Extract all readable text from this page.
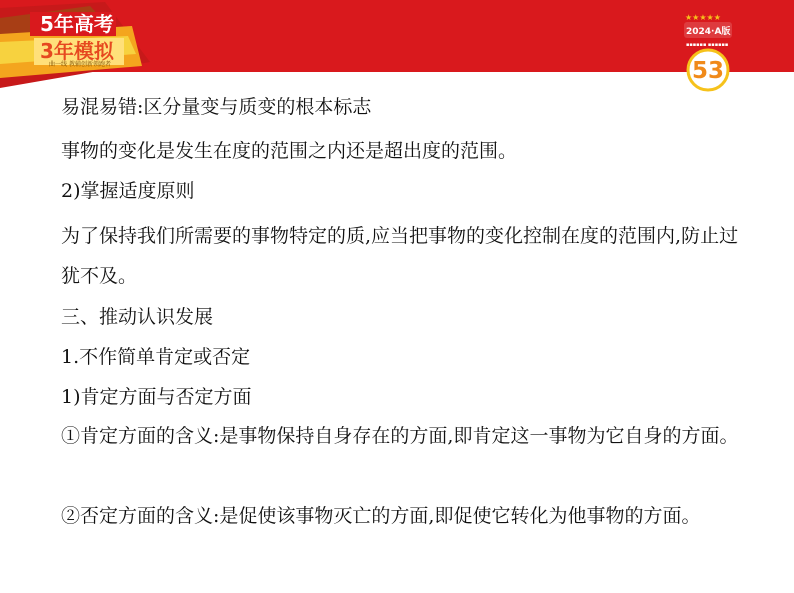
5年高考
3年模拟
曲一线 教辅创新领跑者
★★★★★
2024·A版
▪▪▪▪▪▪ ▪▪▪▪▪▪
53

易混易错:区分量变与质变的根本标志

事物的变化是发生在度的范围之内还是超出度的范围。

2)掌握适度原则

为了保持我们所需要的事物特定的质,应当把事物的变化控制在度的范围内,防止过犹不及。

三、推动认识发展

1.不作简单肯定或否定

1)肯定方面与否定方面

①肯定方面的含义:是事物保持自身存在的方面,即肯定这一事物为它自身的方面。

②否定方面的含义:是促使该事物灭亡的方面,即促使它转化为他事物的方面。
